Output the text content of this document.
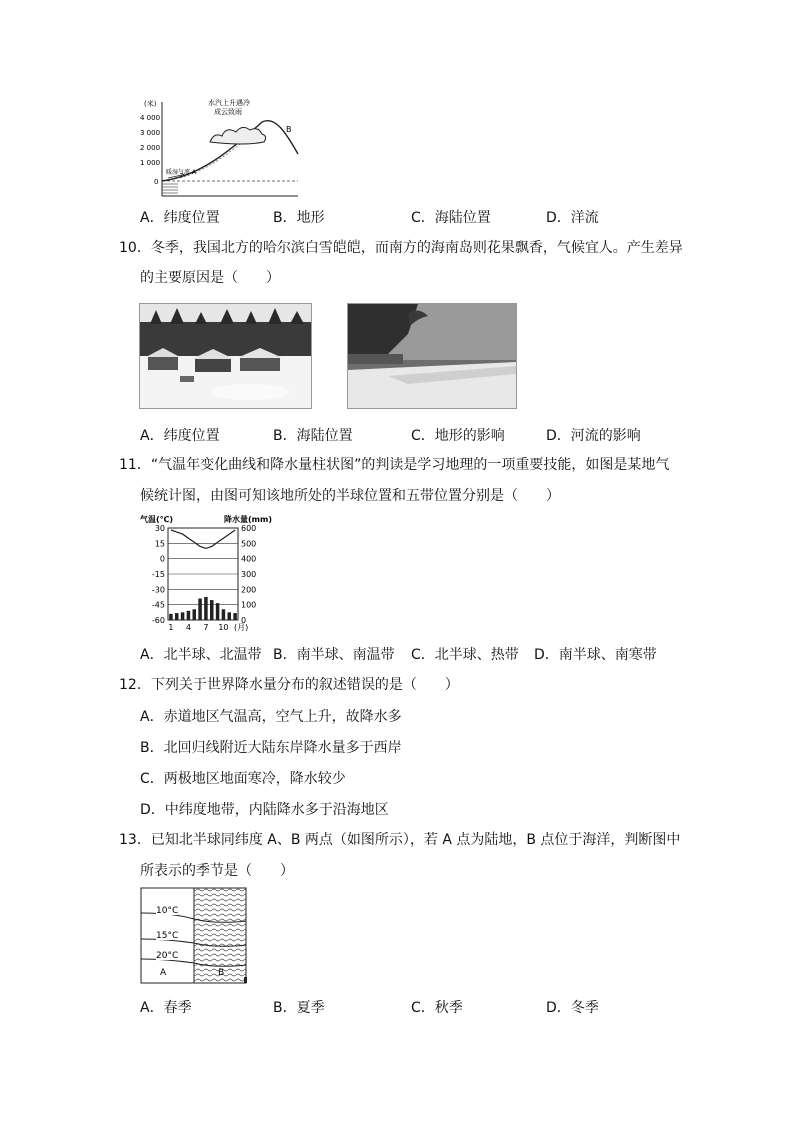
(米)
4 000
3 000
2 000
1 000
0
水汽上升遇冷
成云致雨
B
暖湿气流 A
A．纬度位置	B．地形	C．海陆位置	D．洋流
10．冬季，我国北方的哈尔滨白雪皑皑，而南方的海南岛则花果飘香，气候宜人。产生差异
的主要原因是（　　）
A．纬度位置	B．海陆位置	C．地形的影响	D．河流的影响
11．“气温年变化曲线和降水量柱状图”的判读是学习地理的一项重要技能，如图是某地气
候统计图，由图可知该地所处的半球位置和五带位置分别是（　　）
气温(℃)	降水量(mm)
30	600
15	500
0	400
-15	300
-30	200
-45	100
-60	0
1 4 7 10 (月)
A．北半球、北温带 B．南半球、南温带 C．北半球、热带 D．南半球、南寒带
12．下列关于世界降水量分布的叙述错误的是（　　）
A．赤道地区气温高，空气上升，故降水多
B．北回归线附近大陆东岸降水量多于西岸
C．两极地区地面寒冷，降水较少
D．中纬度地带，内陆降水多于沿海地区
13．已知北半球同纬度 A、B 两点（如图所示），若 A 点为陆地，B 点位于海洋，判断图中
所表示的季节是（　　）
10°C
15°C
20°C
A	B
A．春季	B．夏季	C．秋季	D．冬季
